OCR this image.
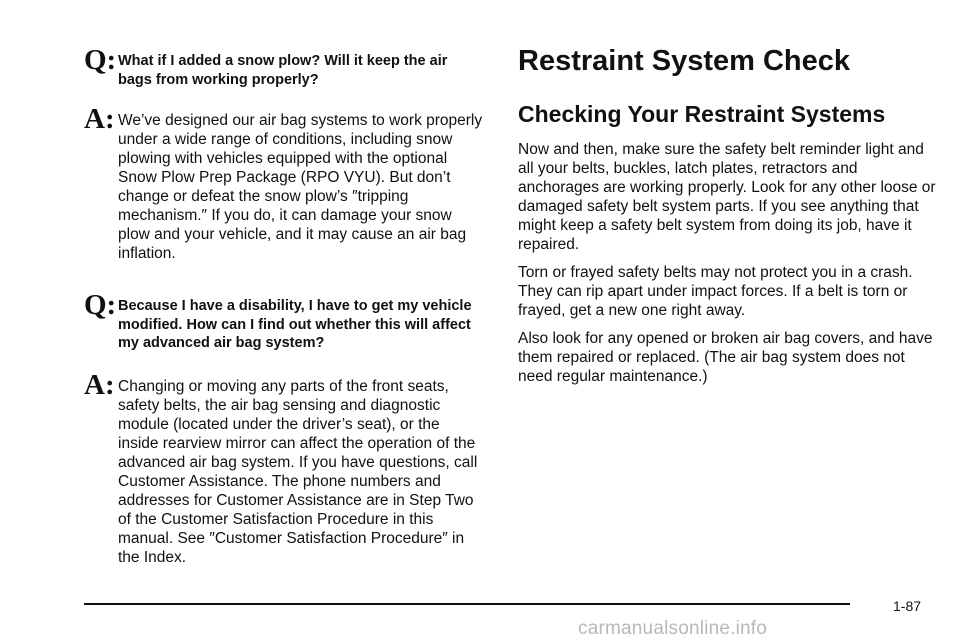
Q: What if I added a snow plow? Will it keep the air bags from working properly?
A: We’ve designed our air bag systems to work properly under a wide range of conditions, including snow plowing with vehicles equipped with the optional Snow Plow Prep Package (RPO VYU). But don’t change or defeat the snow plow’s ″tripping mechanism.″ If you do, it can damage your snow plow and your vehicle, and it may cause an air bag inflation.
Q: Because I have a disability, I have to get my vehicle modified. How can I find out whether this will affect my advanced air bag system?
A: Changing or moving any parts of the front seats, safety belts, the air bag sensing and diagnostic module (located under the driver’s seat), or the inside rearview mirror can affect the operation of the advanced air bag system. If you have questions, call Customer Assistance. The phone numbers and addresses for Customer Assistance are in Step Two of the Customer Satisfaction Procedure in this manual. See ″Customer Satisfaction Procedure″ in the Index.
Restraint System Check
Checking Your Restraint Systems

Now and then, make sure the safety belt reminder light and all your belts, buckles, latch plates, retractors and anchorages are working properly. Look for any other loose or damaged safety belt system parts. If you see anything that might keep a safety belt system from doing its job, have it repaired.

Torn or frayed safety belts may not protect you in a crash. They can rip apart under impact forces. If a belt is torn or frayed, get a new one right away.

Also look for any opened or broken air bag covers, and have them repaired or replaced. (The air bag system does not need regular maintenance.)

1-87
carmanualsonline.info
